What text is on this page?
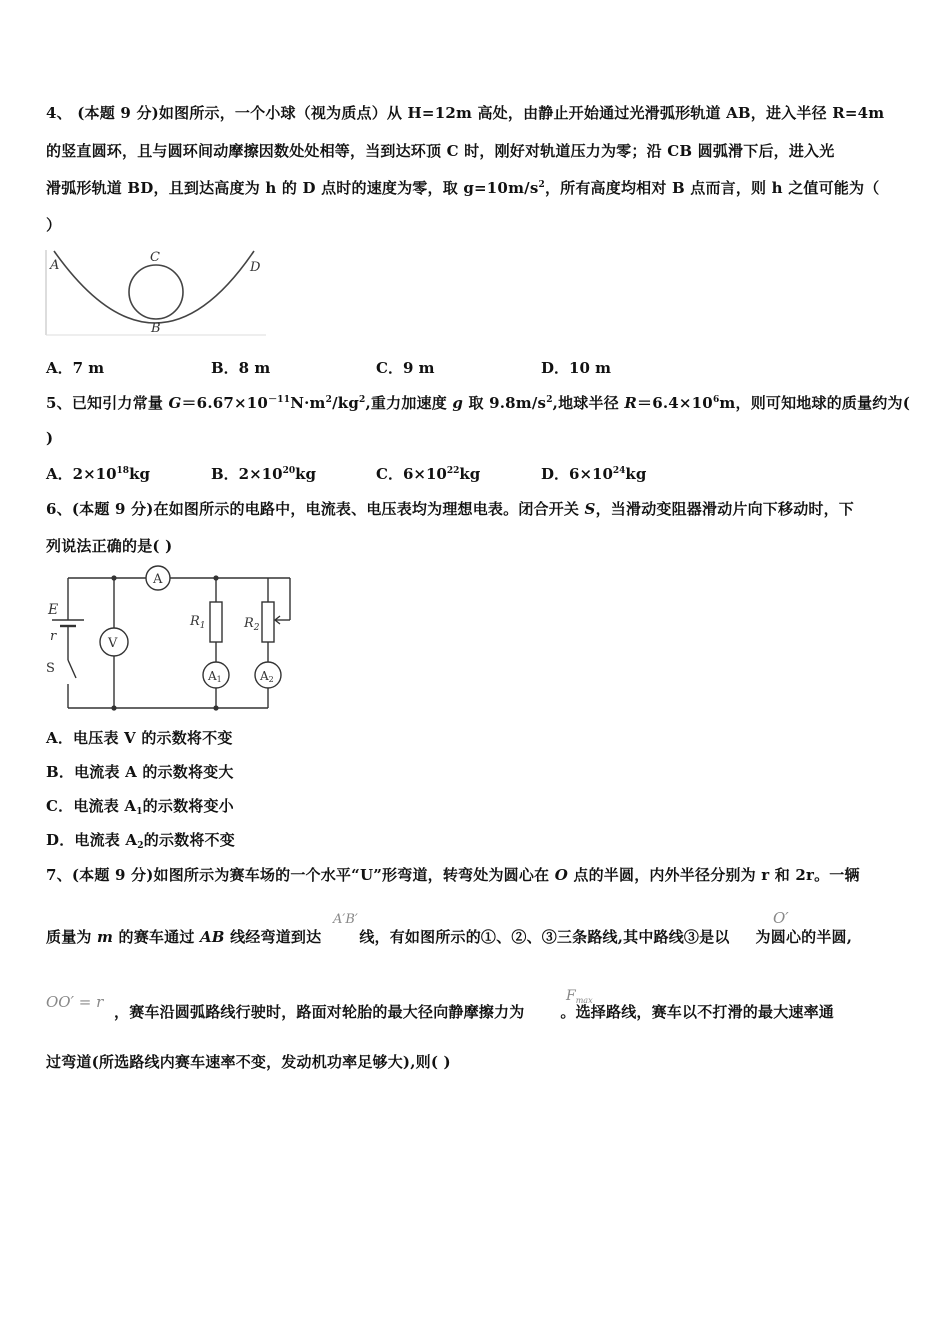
4、 (本题 9 分)如图所示，一个小球（视为质点）从 H=12m 高处，由静止开始通过光滑弧形轨道 AB，进入半径 R=4m
的竖直圆环，且与圆环间动摩擦因数处处相等，当到达环顶 C 时，刚好对轨道压力为零；沿 CB 圆弧滑下后，进入光
滑弧形轨道 BD，且到达高度为 h 的 D 点时的速度为零，取 $g=10m/s^2$，所有高度均相对 B 点而言，则 h 之值可能为（
）
A
C
D
B
A．7 m	B．8 m	C．9 m	D．10 m
5、已知引力常量 $G=6.67\times 10^{-11}N\cdot m^2/kg^2$,重力加速度 g 取 $9.8m/s^2$,地球半径 $R=6.4\times 10^6m$，则可知地球的质量约为(
)
A．$2\times 10^{18}kg$	B．$2\times 10^{20}kg$	C．$6\times 10^{22}kg$	D．$6\times 10^{24}kg$
6、(本题 9 分)在如图所示的电路中，电流表、电压表均为理想电表。闭合开关 S，当滑动变阻器滑动片向下移动时，下
列说法正确的是( )
E
r
S
A
V
$R_1$	$R_2$
A1	A2
A．电压表 V 的示数将不变
B．电流表 A 的示数将变大
C．电流表 $A_1$的示数将变小
D．电流表 $A_2$的示数将不变
7、(本题 9 分)如图所示为赛车场的一个水平“U”形弯道，转弯处为圆心在 O 点的半圆，内外半径分别为 r 和 2r。一辆
质量为 m 的赛车通过 AB 线经弯道到达	线，有如图所示的①、②、③三条路线,其中路线③是以 为圆心的半圆,
A′B′	O′
OO′ = r
，赛车沿圆弧路线行驶时，路面对轮胎的最大径向静摩擦力为 。选择路线，赛车以不打滑的最大速率通
$F_{max}$
过弯道(所选路线内赛车速率不变，发动机功率足够大),则( )
